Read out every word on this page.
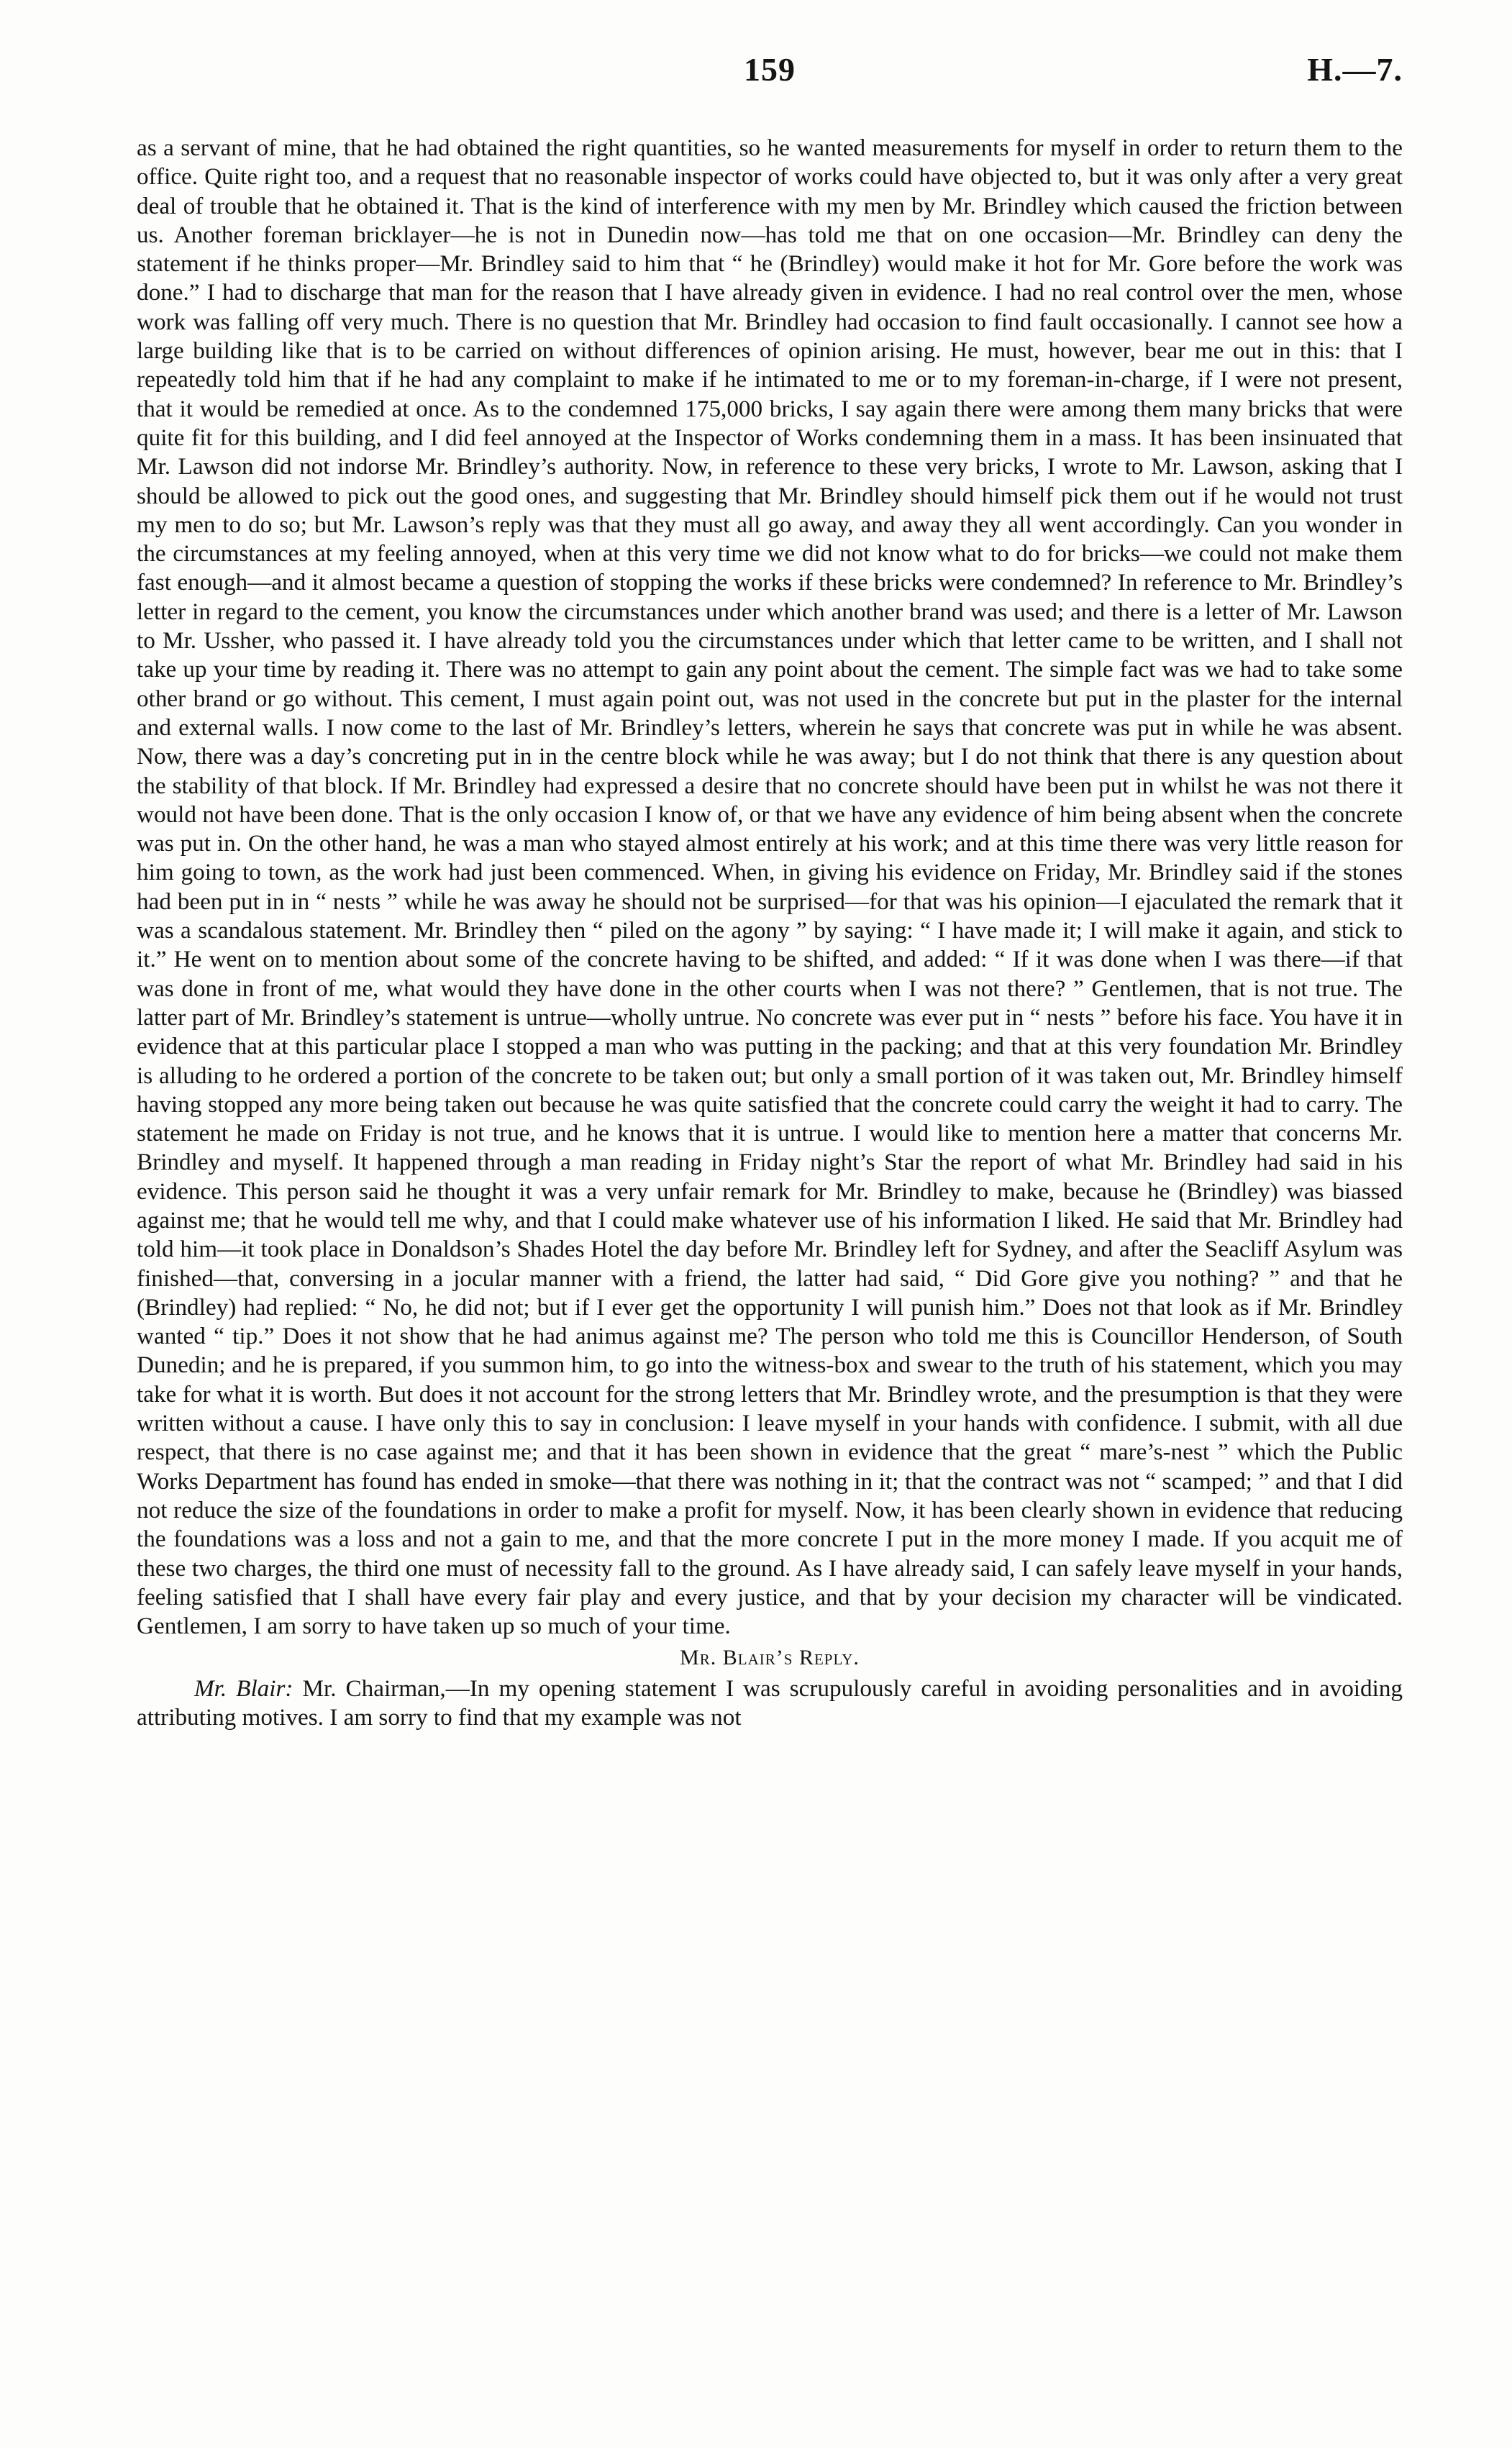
159	H.—7.

as a servant of mine, that he had obtained the right quantities, so he wanted measurements for myself in order to return them to the office. Quite right too, and a request that no reasonable inspector of works could have objected to, but it was only after a very great deal of trouble that he obtained it. That is the kind of interference with my men by Mr. Brindley which caused the friction between us. Another foreman bricklayer—he is not in Dunedin now—has told me that on one occasion—Mr. Brindley can deny the statement if he thinks proper—Mr. Brindley said to him that “ he (Brindley) would make it hot for Mr. Gore before the work was done.” I had to discharge that man for the reason that I have already given in evidence. I had no real control over the men, whose work was falling off very much. There is no question that Mr. Brindley had occasion to find fault occasionally. I cannot see how a large building like that is to be carried on without differences of opinion arising. He must, however, bear me out in this: that I repeatedly told him that if he had any complaint to make if he intimated to me or to my foreman-in-charge, if I were not present, that it would be remedied at once. As to the condemned 175,000 bricks, I say again there were among them many bricks that were quite fit for this building, and I did feel annoyed at the Inspector of Works condemning them in a mass. It has been insinuated that Mr. Lawson did not indorse Mr. Brindley’s authority. Now, in reference to these very bricks, I wrote to Mr. Lawson, asking that I should be allowed to pick out the good ones, and suggesting that Mr. Brindley should himself pick them out if he would not trust my men to do so; but Mr. Lawson’s reply was that they must all go away, and away they all went accordingly. Can you wonder in the circumstances at my feeling annoyed, when at this very time we did not know what to do for bricks—we could not make them fast enough—and it almost became a question of stopping the works if these bricks were condemned? In reference to Mr. Brindley’s letter in regard to the cement, you know the circumstances under which another brand was used; and there is a letter of Mr. Lawson to Mr. Ussher, who passed it. I have already told you the circumstances under which that letter came to be written, and I shall not take up your time by reading it. There was no attempt to gain any point about the cement. The simple fact was we had to take some other brand or go without. This cement, I must again point out, was not used in the concrete but put in the plaster for the internal and external walls. I now come to the last of Mr. Brindley’s letters, wherein he says that concrete was put in while he was absent. Now, there was a day’s concreting put in in the centre block while he was away; but I do not think that there is any question about the stability of that block. If Mr. Brindley had expressed a desire that no concrete should have been put in whilst he was not there it would not have been done. That is the only occasion I know of, or that we have any evidence of him being absent when the concrete was put in. On the other hand, he was a man who stayed almost entirely at his work; and at this time there was very little reason for him going to town, as the work had just been commenced. When, in giving his evidence on Friday, Mr. Brindley said if the stones had been put in in “ nests ” while he was away he should not be surprised—for that was his opinion—I ejaculated the remark that it was a scandalous statement. Mr. Brindley then “ piled on the agony ” by saying: “ I have made it; I will make it again, and stick to it.” He went on to mention about some of the concrete having to be shifted, and added: “ If it was done when I was there—if that was done in front of me, what would they have done in the other courts when I was not there? ” Gentlemen, that is not true. The latter part of Mr. Brindley’s statement is untrue—wholly untrue. No concrete was ever put in “ nests ” before his face. You have it in evidence that at this particular place I stopped a man who was putting in the packing; and that at this very foundation Mr. Brindley is alluding to he ordered a portion of the concrete to be taken out; but only a small portion of it was taken out, Mr. Brindley himself having stopped any more being taken out because he was quite satisfied that the concrete could carry the weight it had to carry. The statement he made on Friday is not true, and he knows that it is untrue. I would like to mention here a matter that concerns Mr. Brindley and myself. It happened through a man reading in Friday night’s Star the report of what Mr. Brindley had said in his evidence. This person said he thought it was a very unfair remark for Mr. Brindley to make, because he (Brindley) was biassed against me; that he would tell me why, and that I could make whatever use of his information I liked. He said that Mr. Brindley had told him—it took place in Donaldson’s Shades Hotel the day before Mr. Brindley left for Sydney, and after the Seacliff Asylum was finished—that, conversing in a jocular manner with a friend, the latter had said, “ Did Gore give you nothing? ” and that he (Brindley) had replied: “ No, he did not; but if I ever get the opportunity I will punish him.” Does not that look as if Mr. Brindley wanted “ tip.” Does it not show that he had animus against me? The person who told me this is Councillor Henderson, of South Dunedin; and he is prepared, if you summon him, to go into the witness-box and swear to the truth of his statement, which you may take for what it is worth. But does it not account for the strong letters that Mr. Brindley wrote, and the presumption is that they were written without a cause. I have only this to say in conclusion: I leave myself in your hands with confidence. I submit, with all due respect, that there is no case against me; and that it has been shown in evidence that the great “ mare’s-nest ” which the Public Works Department has found has ended in smoke—that there was nothing in it; that the contract was not “ scamped; ” and that I did not reduce the size of the foundations in order to make a profit for myself. Now, it has been clearly shown in evidence that reducing the foundations was a loss and not a gain to me, and that the more concrete I put in the more money I made. If you acquit me of these two charges, the third one must of necessity fall to the ground. As I have already said, I can safely leave myself in your hands, feeling satisfied that I shall have every fair play and every justice, and that by your decision my character will be vindicated. Gentlemen, I am sorry to have taken up so much of your time.

Mr. Blair’s Reply.

Mr. Blair: Mr. Chairman,—In my opening statement I was scrupulously careful in avoiding personalities and in avoiding attributing motives. I am sorry to find that my example was not
